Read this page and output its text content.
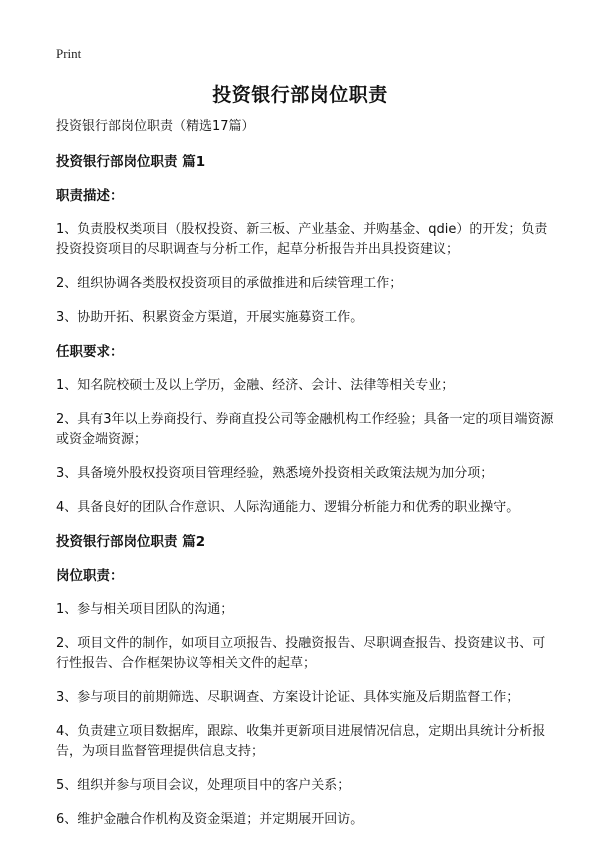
Print
投资银行部岗位职责

投资银行部岗位职责（精选17篇）

投资银行部岗位职责 篇1
职责描述：
1、负责股权类项目（股权投资、新三板、产业基金、并购基金、qdie）的开发；负责投资投资项目的尽职调查与分析工作，起草分析报告并出具投资建议；
2、组织协调各类股权投资项目的承做推进和后续管理工作；
3、协助开拓、积累资金方渠道，开展实施募资工作。
任职要求：
1、知名院校硕士及以上学历，金融、经济、会计、法律等相关专业；
2、具有3年以上券商投行、券商直投公司等金融机构工作经验；具备一定的项目端资源或资金端资源；
3、具备境外股权投资项目管理经验，熟悉境外投资相关政策法规为加分项；
4、具备良好的团队合作意识、人际沟通能力、逻辑分析能力和优秀的职业操守。
投资银行部岗位职责 篇2
岗位职责：
1、参与相关项目团队的沟通；
2、项目文件的制作，如项目立项报告、投融资报告、尽职调查报告、投资建议书、可行性报告、合作框架协议等相关文件的起草；
3、参与项目的前期筛选、尽职调查、方案设计论证、具体实施及后期监督工作；
4、负责建立项目数据库，跟踪、收集并更新项目进展情况信息，定期出具统计分析报告，为项目监督管理提供信息支持；
5、组织并参与项目会议，处理项目中的客户关系；
6、维护金融合作机构及资金渠道；并定期展开回访。
